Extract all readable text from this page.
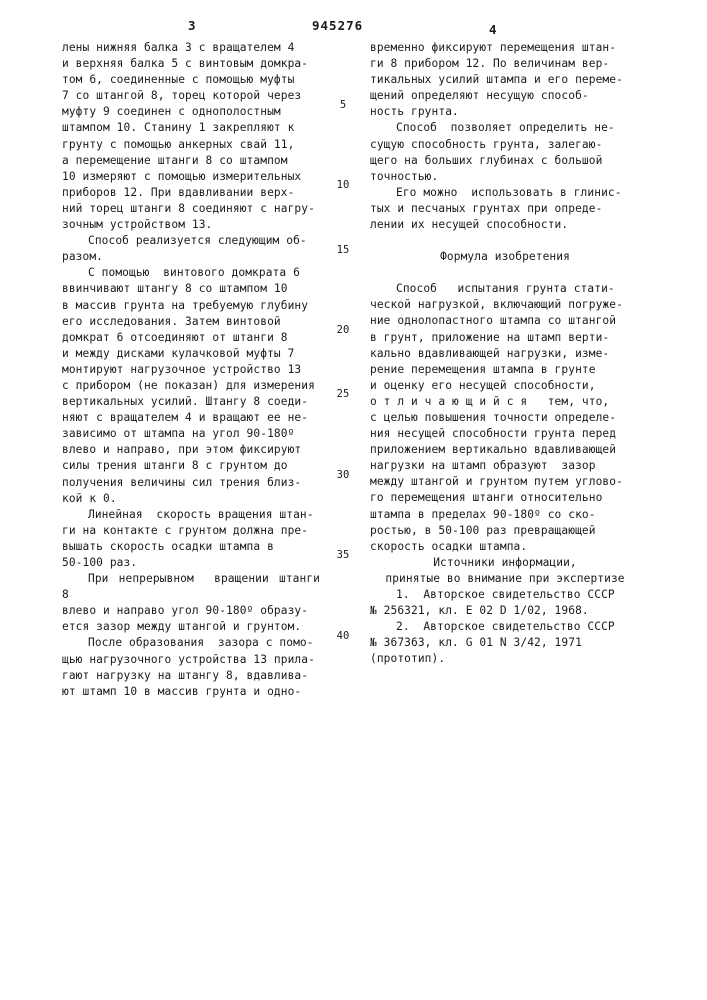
3	945276	4
5
10
15
20
25
30
35
40

лены нижняя балка 3 с вращателем 4
и верхняя балка 5 с винтовым домкра-
том 6, соединенные с помощью муфты
7 со штангой 8, торец которой через
муфту 9 соединен с однополостным
штампом 10. Станину 1 закрепляют к
грунту с помощью анкерных свай 11,
а перемещение штанги 8 со штампом
10 измеряют с помощью измерительных
приборов 12. При вдавливании верх-
ний торец штанги 8 соединяют с нагру-
зочным устройством 13.

Способ реализуется следующим об-
разом.

С помощью  винтового домкрата 6
ввинчивают штангу 8 со штампом 10
в массив грунта на требуемую глубину
его исследования. Затем винтовой
домкрат 6 отсоединяют от штанги 8
и между дисками кулачковой муфты 7
монтируют нагрузочное устройство 13
с прибором (не показан) для измерения
вертикальных усилий. Штангу 8 соеди-
няют с вращателем 4 и вращают ее не-
зависимо от штампа на угол 90-180º
влево и направо, при этом фиксируют
силы трения штанги 8 с грунтом до
получения величины сил трения близ-
кой к 0.

Линейная  скорость вращения штан-
ги на контакте с грунтом должна пре-
вышать скорость осадки штампа в
50-100 раз.

При непрерывном  вращении штанги 8
влево и направо угол 90-180º образу-
ется зазор между штангой и грунтом.

После образования  зазора с помо-
щью нагрузочного устройства 13 прила-
гают нагрузку на штангу 8, вдавлива-
ют штамп 10 в массив грунта и одно-

временно фиксируют перемещения штан-
ги 8 прибором 12. По величинам вер-
тикальных усилий штампа и его переме-
щений определяют несущую способ-
ность грунта.

Способ  позволяет определить не-
сущую способность грунта, залегаю-
щего на больших глубинах с большой
точностью.

Его можно  использовать в глинис-
тых и песчаных грунтах при опреде-
лении их несущей способности.

Формула изобретения

Способ   испытания грунта стати-
ческой нагрузкой, включающий погруже-
ние однолопастного штампа со штангой
в грунт, приложение на штамп верти-
кально вдавливающей нагрузки, изме-
рение перемещения штампа в грунте
и оценку его несущей способности,
о т л и ч а ю щ и й с я   тем, что,
с целью повышения точности определе-
ния несущей способности грунта перед
приложением вертикально вдавливающей
нагрузки на штамп образуют  зазор
между штангой и грунтом путем углово-
го перемещения штанги относительно
штампа в пределах 90-180º со ско-
ростью, в 50-100 раз превращающей
скорость осадки штампа.

Источники информации,
принятые во внимание при экспертизе

1.  Авторское свидетельство СССР
№ 256321, кл. Е 02 D 1/02, 1968.

2.  Авторское свидетельство СССР
№ 367363, кл. G 01 N 3/42, 1971
(прототип).
